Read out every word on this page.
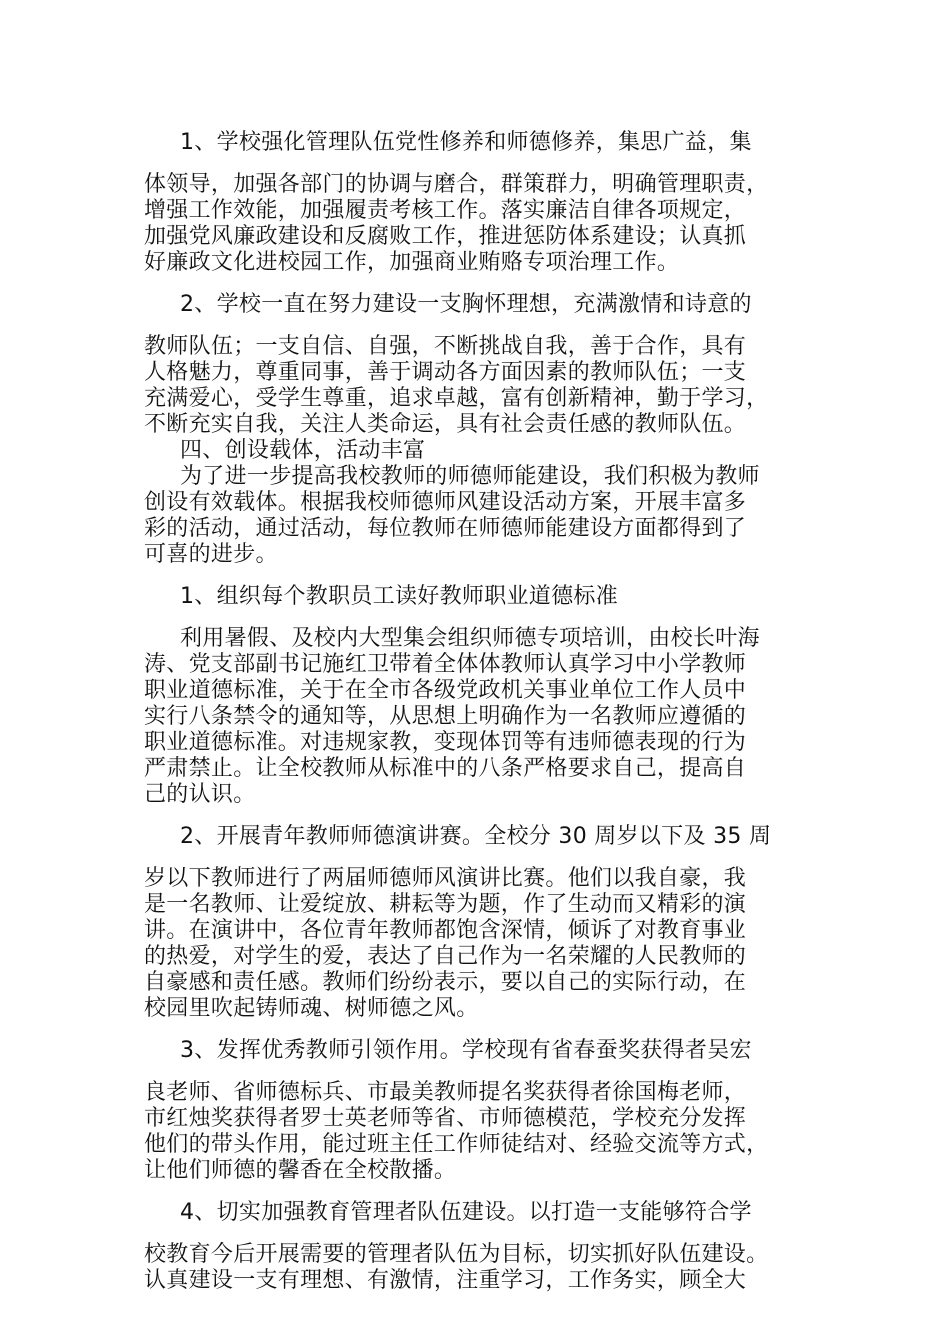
1、学校强化管理队伍党性修养和师德修养，集思广益，集
体领导，加强各部门的协调与磨合，群策群力，明确管理职责，
增强工作效能，加强履责考核工作。落实廉洁自律各项规定，
加强党风廉政建设和反腐败工作，推进惩防体系建设；认真抓
好廉政文化进校园工作，加强商业贿赂专项治理工作。
2、学校一直在努力建设一支胸怀理想，充满激情和诗意的
教师队伍；一支自信、自强，不断挑战自我，善于合作，具有
人格魅力，尊重同事，善于调动各方面因素的教师队伍；一支
充满爱心，受学生尊重，追求卓越，富有创新精神，勤于学习，
不断充实自我，关注人类命运，具有社会责任感的教师队伍。
四、创设载体，活动丰富
为了进一步提高我校教师的师德师能建设，我们积极为教师
创设有效载体。根据我校师德师风建设活动方案，开展丰富多
彩的活动，通过活动，每位教师在师德师能建设方面都得到了
可喜的进步。
1、组织每个教职员工读好教师职业道德标准
利用暑假、及校内大型集会组织师德专项培训，由校长叶海
涛、党支部副书记施红卫带着全体体教师认真学习中小学教师
职业道德标准，关于在全市各级党政机关事业单位工作人员中
实行八条禁令的通知等，从思想上明确作为一名教师应遵循的
职业道德标准。对违规家教，变现体罚等有违师德表现的行为
严肃禁止。让全校教师从标准中的八条严格要求自己，提高自
己的认识。
2、开展青年教师师德演讲赛。全校分 30 周岁以下及 35 周
岁以下教师进行了两届师德师风演讲比赛。他们以我自豪，我
是一名教师、让爱绽放、耕耘等为题，作了生动而又精彩的演
讲。在演讲中，各位青年教师都饱含深情，倾诉了对教育事业
的热爱，对学生的爱，表达了自己作为一名荣耀的人民教师的
自豪感和责任感。教师们纷纷表示，要以自己的实际行动，在
校园里吹起铸师魂、树师德之风。
3、发挥优秀教师引领作用。学校现有省春蚕奖获得者吴宏
良老师、省师德标兵、市最美教师提名奖获得者徐国梅老师，
市红烛奖获得者罗士英老师等省、市师德模范，学校充分发挥
他们的带头作用，能过班主任工作师徒结对、经验交流等方式，
让他们师德的馨香在全校散播。
4、切实加强教育管理者队伍建设。以打造一支能够符合学
校教育今后开展需要的管理者队伍为目标，切实抓好队伍建设。
认真建设一支有理想、有激情，注重学习，工作务实，顾全大
